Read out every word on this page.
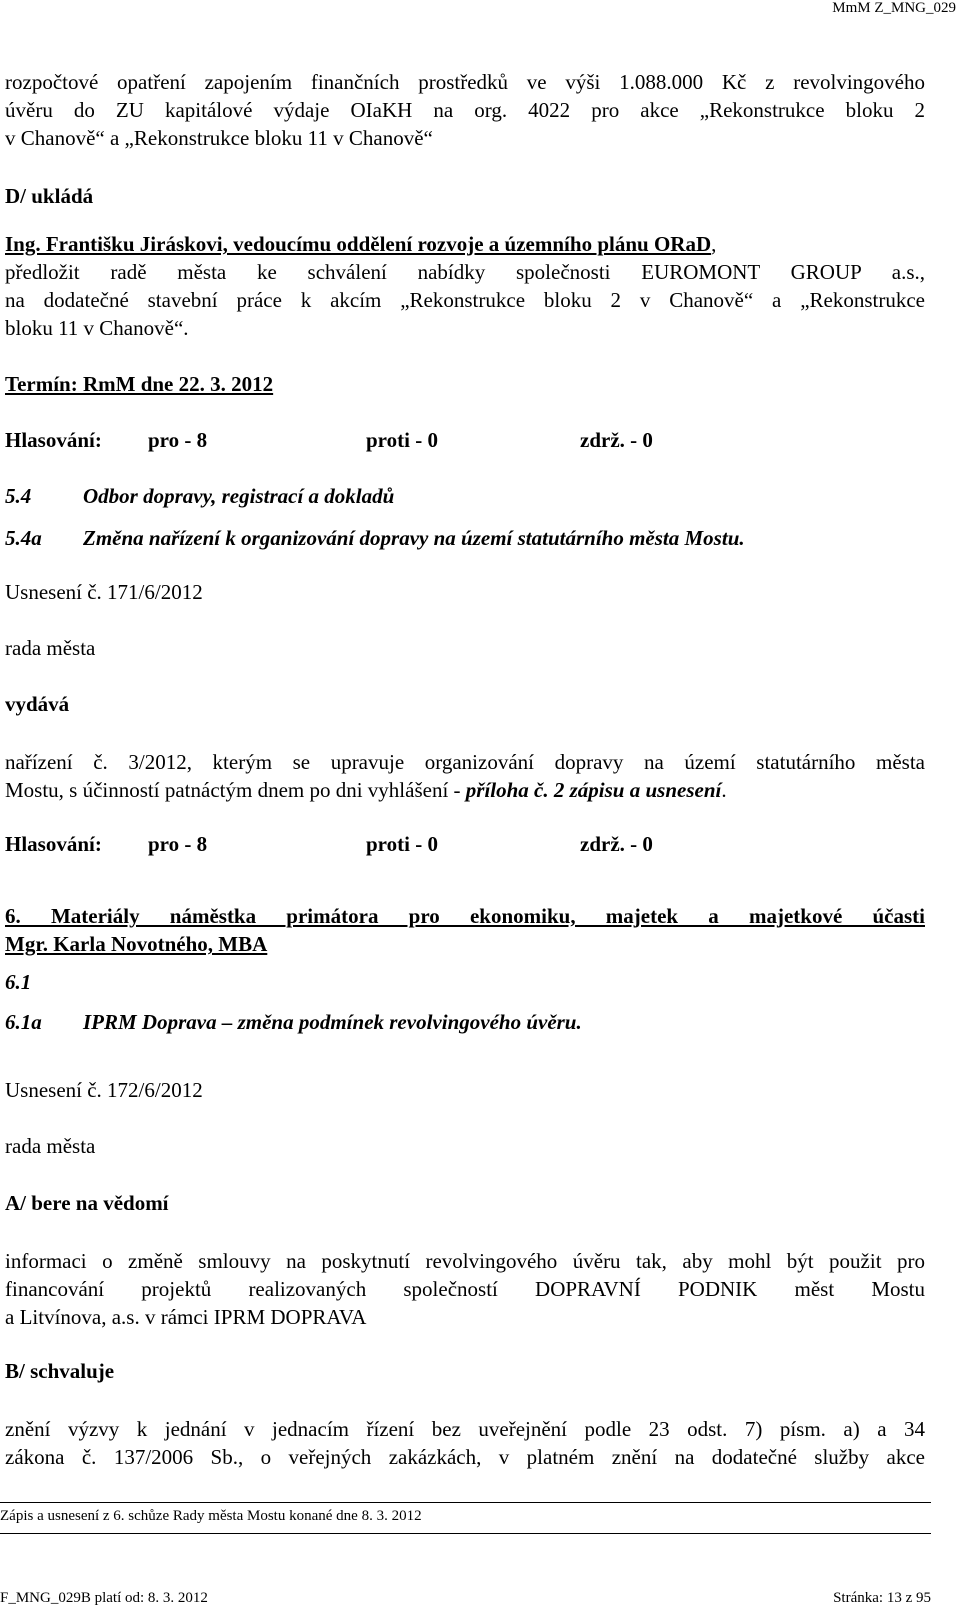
MmM Z_MNG_029
rozpočtové opatření zapojením finančních prostředků ve výši 1.088.000 Kč z revolvingového
úvěru do ZU kapitálové výdaje OIaKH na org. 4022 pro akce „Rekonstrukce bloku 2
v Chanově“ a „Rekonstrukce bloku 11 v Chanově“
D/ ukládá
Ing. Františku Jiráskovi, vedoucímu oddělení rozvoje a územního plánu ORaD,
předložit radě města ke schválení nabídky společnosti EUROMONT GROUP a.s.,
na dodatečné stavební práce k akcím „Rekonstrukce bloku 2 v Chanově“ a „Rekonstrukce
bloku 11 v Chanově“.
Termín: RmM dne 22. 3. 2012
Hlasování: pro - 8	proti - 0	zdrž. - 0
5.4 Odbor dopravy, registrací a dokladů
5.4a Změna nařízení k organizování dopravy na území statutárního města Mostu.
Usnesení č. 171/6/2012
rada města
vydává
nařízení č. 3/2012, kterým se upravuje organizování dopravy na území statutárního města
Mostu, s účinností patnáctým dnem po dni vyhlášení - příloha č. 2 zápisu a usnesení.
Hlasování: pro - 8	proti - 0	zdrž. - 0
6. Materiály náměstka primátora pro ekonomiku, majetek a majetkové účasti
Mgr. Karla Novotného, MBA
6.1
6.1a IPRM Doprava – změna podmínek revolvingového úvěru.
Usnesení č. 172/6/2012
rada města
A/ bere na vědomí
informaci o změně smlouvy na poskytnutí revolvingového úvěru tak, aby mohl být použit pro
financování projektů realizovaných společností DOPRAVNÍ PODNIK měst Mostu
a Litvínova, a.s. v rámci IPRM DOPRAVA
B/ schvaluje
znění výzvy k jednání v jednacím řízení bez uveřejnění podle 23 odst. 7) písm. a) a 34
zákona č. 137/2006 Sb., o veřejných zakázkách, v platném znění na dodatečné služby akce
Zápis a usnesení z 6. schůze Rady města Mostu konané dne 8. 3. 2012
F_MNG_029B platí od: 8. 3. 2012	Stránka: 13 z 95
